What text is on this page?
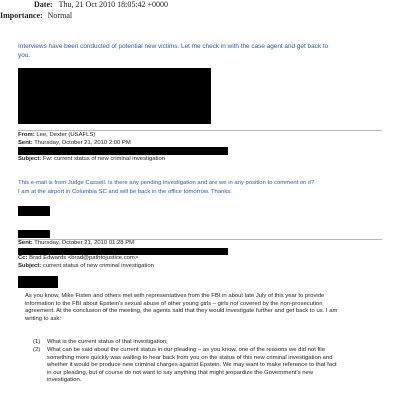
Date: Thu, 21 Oct 2010 18:05:42 +0000
Importance: Normal
Interviews have been conducted of potential new victims. Let me check in with the case agent and get back to
you.
From: Lee, Dexter (USAFLS)
Sent: Thursday, October 21, 2010 2:00 PM
Subject: Fw: current status of new criminal investigation
This e-mail is from Judge Cassell. Is there any pending investigation and are we in any position to comment on it?
I am at the airport in Columbia SC and will be back in the office tomorrow. Thanks.
Sent: Thursday, October 21, 2010 01:28 PM
Cc: Brad Edwards <brad@pathtojustice.com>
Subject: current status of new criminal investigation
As you know, Mike Fisten and others met with representatives from the FBI in about late July of this year to provide
information to the FBI about Epstein's sexual abuse of other young girls – girls not covered by the non-prosecution
agreement. At the conclusion of the meeting, the agents said that they would investigate further and get back to us. I am
writing to ask:
(1) What is the current status of that investigation;
(2) What can be said about the current status in our pleading – as you know, one of the reasons we did not file
something more quickly was waiting to hear back from you on the status of this new criminal investigation and
whether it would be produce new criminal charges against Epstein. We may want to make reference to that fact
in our pleading, but of course do not want to say anything that might jeopardize the Government's new
investigation.
